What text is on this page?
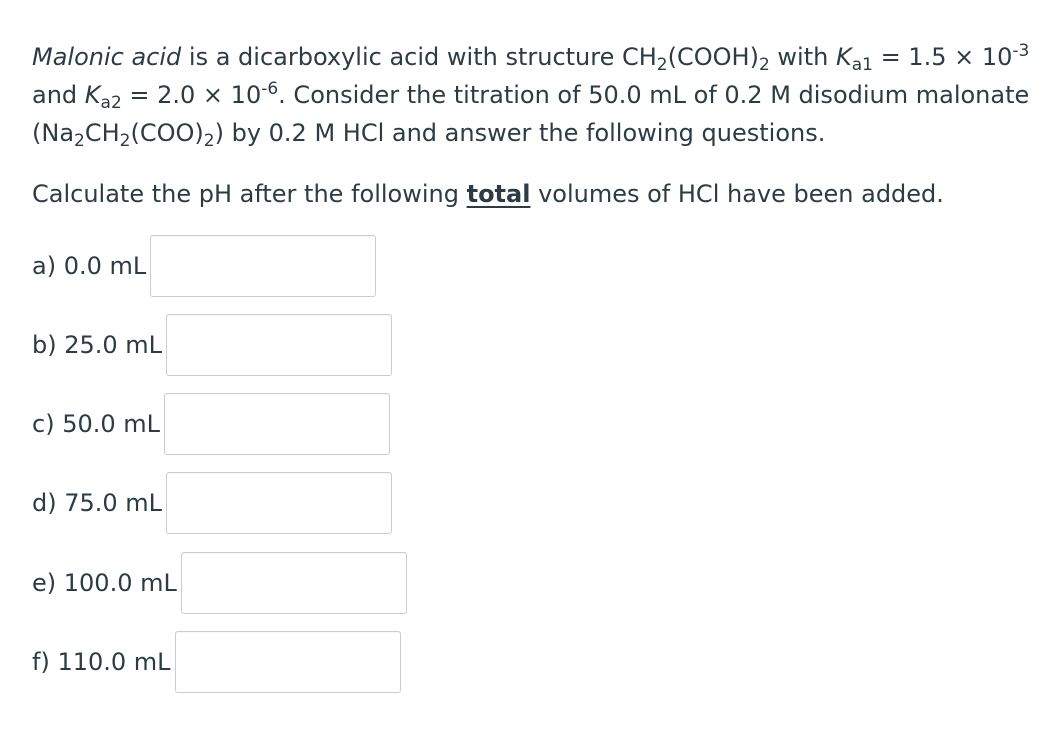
Malonic acid is a dicarboxylic acid with structure $CH_2(COOH)_2$ with $K_{a1} = 1.5 \times 10^{-3}$

and $K_{a2} = 2.0 \times 10^{-6}$. Consider the titration of 50.0 mL of 0.2 M disodium malonate

$(Na_2CH_2(COO)_2)$ by 0.2 M HCl and answer the following questions.

Calculate the pH after the following total volumes of HCl have been added.
a) 0.0 mL
b) 25.0 mL
c) 50.0 mL
d) 75.0 mL
e) 100.0 mL
f) 110.0 mL
